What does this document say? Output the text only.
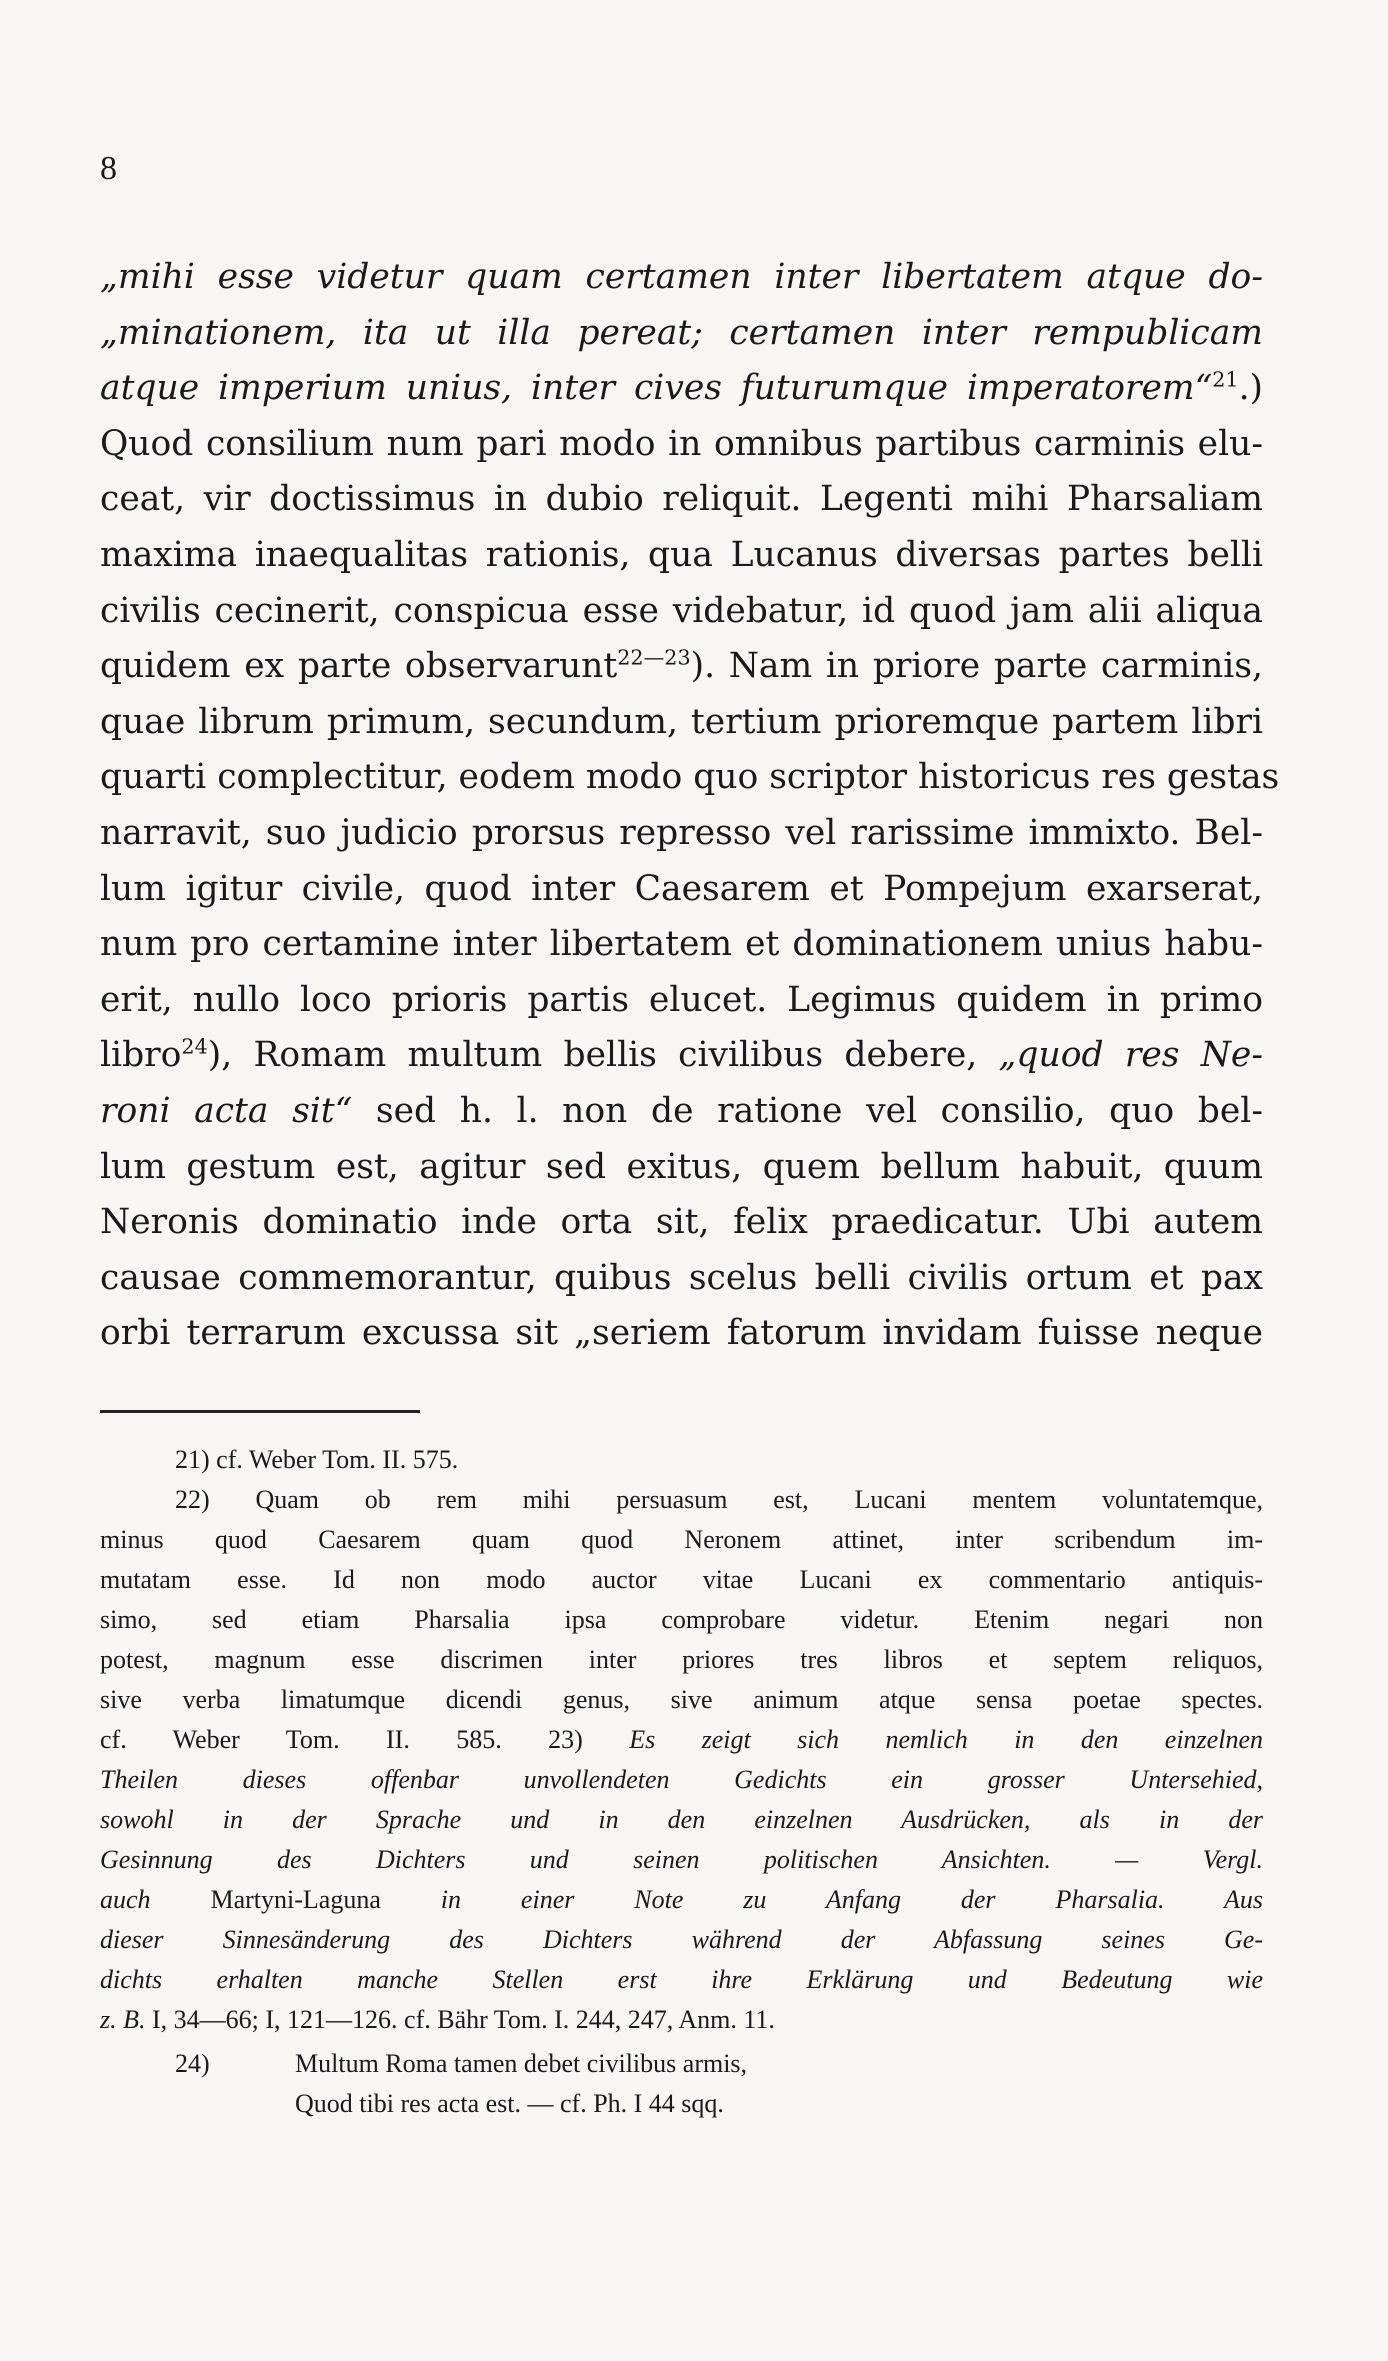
8
„mihi esse videtur quam certamen inter libertatem atque do-
„minationem, ita ut illa pereat; certamen inter rempublicam
atque imperium unius, inter cives futurumque imperatorem“$^{21}$.)
Quod consilium num pari modo in omnibus partibus carminis elu-
ceat, vir doctissimus in dubio reliquit. Legenti mihi Pharsaliam
maxima inaequalitas rationis, qua Lucanus diversas partes belli
civilis cecinerit, conspicua esse videbatur, id quod jam alii aliqua
quidem ex parte observarunt$^{22—23}$). Nam in priore parte carminis,
quae librum primum, secundum, tertium prioremque partem libri
quarti complectitur, eodem modo quo scriptor historicus res gestas
narravit, suo judicio prorsus represso vel rarissime immixto. Bel-
lum igitur civile, quod inter Caesarem et Pompejum exarserat,
num pro certamine inter libertatem et dominationem unius habu-
erit, nullo loco prioris partis elucet. Legimus quidem in primo
libro$^{24}$), Romam multum bellis civilibus debere, „quod res Ne-
roni acta sit“ sed h. l. non de ratione vel consilio, quo bel-
lum gestum est, agitur sed exitus, quem bellum habuit, quum
Neronis dominatio inde orta sit, felix praedicatur. Ubi autem
causae commemorantur, quibus scelus belli civilis ortum et pax
orbi terrarum excussa sit „seriem fatorum invidam fuisse neque
21) cf. Weber Tom. II. 575.
22) Quam ob rem mihi persuasum est, Lucani mentem voluntatemque,
minus quod Caesarem quam quod Neronem attinet, inter scribendum im-
mutatam esse. Id non modo auctor vitae Lucani ex commentario antiquis-
simo, sed etiam Pharsalia ipsa comprobare videtur. Etenim negari non
potest, magnum esse discrimen inter priores tres libros et septem reliquos,
sive verba limatumque dicendi genus, sive animum atque sensa poetae spectes.
cf. Weber Tom. II. 585. 23) Es zeigt sich nemlich in den einzelnen
Theilen dieses offenbar unvollendeten Gedichts ein grosser Untersehied,
sowohl in der Sprache und in den einzelnen Ausdrücken, als in der
Gesinnung des Dichters und seinen politischen Ansichten. — Vergl.
auch Martyni-Laguna in einer Note zu Anfang der Pharsalia. Aus
dieser Sinnesänderung des Dichters während der Abfassung seines Ge-
dichts erhalten manche Stellen erst ihre Erklärung und Bedeutung wie
z. B. I, 34—66; I, 121—126. cf. Bähr Tom. I. 244, 247, Anm. 11.
24)	Multum Roma tamen debet civilibus armis,
Quod tibi res acta est. — cf. Ph. I 44 sqq.
